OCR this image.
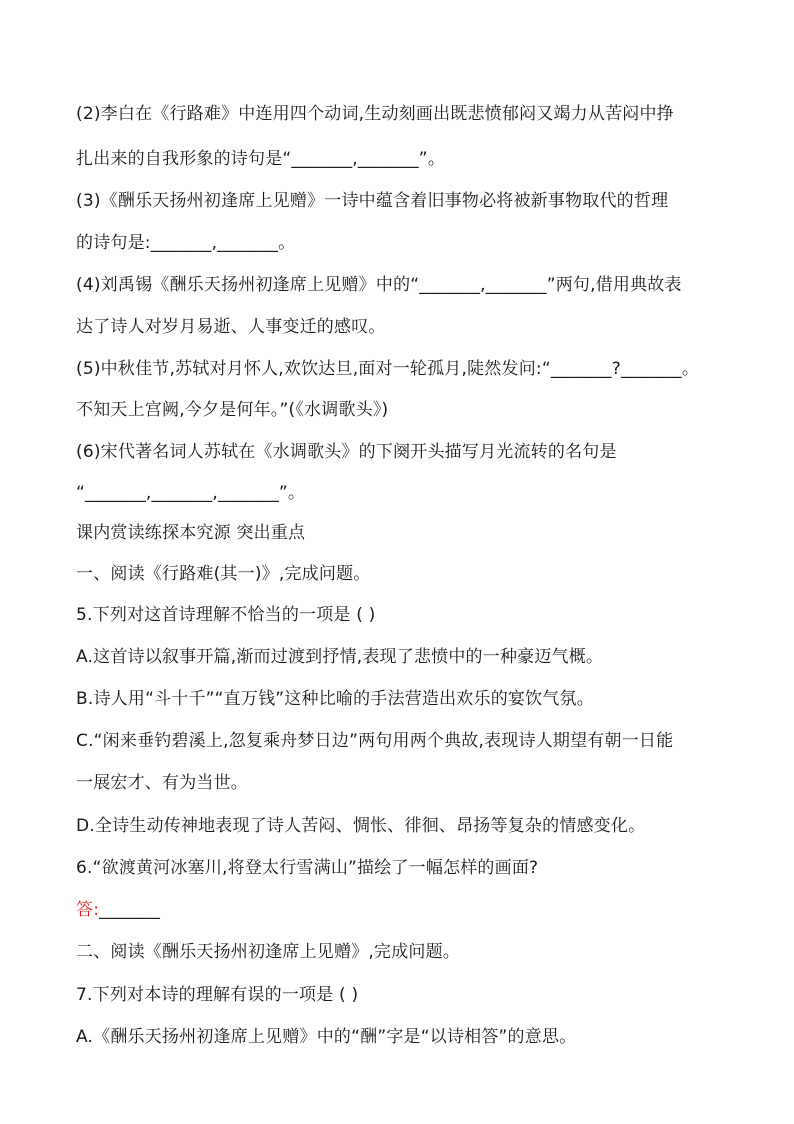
(2)李白在《行路难》中连用四个动词,生动刻画出既悲愤郁闷又竭力从苦闷中挣
扎出来的自我形象的诗句是“_______,_______”。
(3)《酬乐天扬州初逢席上见赠》一诗中蕴含着旧事物必将被新事物取代的哲理
的诗句是:_______,_______。
(4)刘禹锡《酬乐天扬州初逢席上见赠》中的“_______,_______”两句,借用典故表
达了诗人对岁月易逝、人事变迁的感叹。
(5)中秋佳节,苏轼对月怀人,欢饮达旦,面对一轮孤月,陡然发问:“_______?_______。
不知天上宫阙,今夕是何年。”(《水调歌头》)
(6)宋代著名词人苏轼在《水调歌头》的下阕开头描写月光流转的名句是
“_______,_______,_______”。
课内赏读练探本究源 突出重点
一、阅读《行路难(其一)》,完成问题。
5.下列对这首诗理解不恰当的一项是 ( )
A.这首诗以叙事开篇,渐而过渡到抒情,表现了悲愤中的一种豪迈气概。
B.诗人用“斗十千”“直万钱”这种比喻的手法营造出欢乐的宴饮气氛。
C.“闲来垂钓碧溪上,忽复乘舟梦日边”两句用两个典故,表现诗人期望有朝一日能
一展宏才、有为当世。
D.全诗生动传神地表现了诗人苦闷、惆怅、徘徊、昂扬等复杂的情感变化。
6.“欲渡黄河冰塞川,将登太行雪满山”描绘了一幅怎样的画面?
答:_______
二、阅读《酬乐天扬州初逢席上见赠》,完成问题。
7.下列对本诗的理解有误的一项是 ( )
A.《酬乐天扬州初逢席上见赠》中的“酬”字是“以诗相答”的意思。
